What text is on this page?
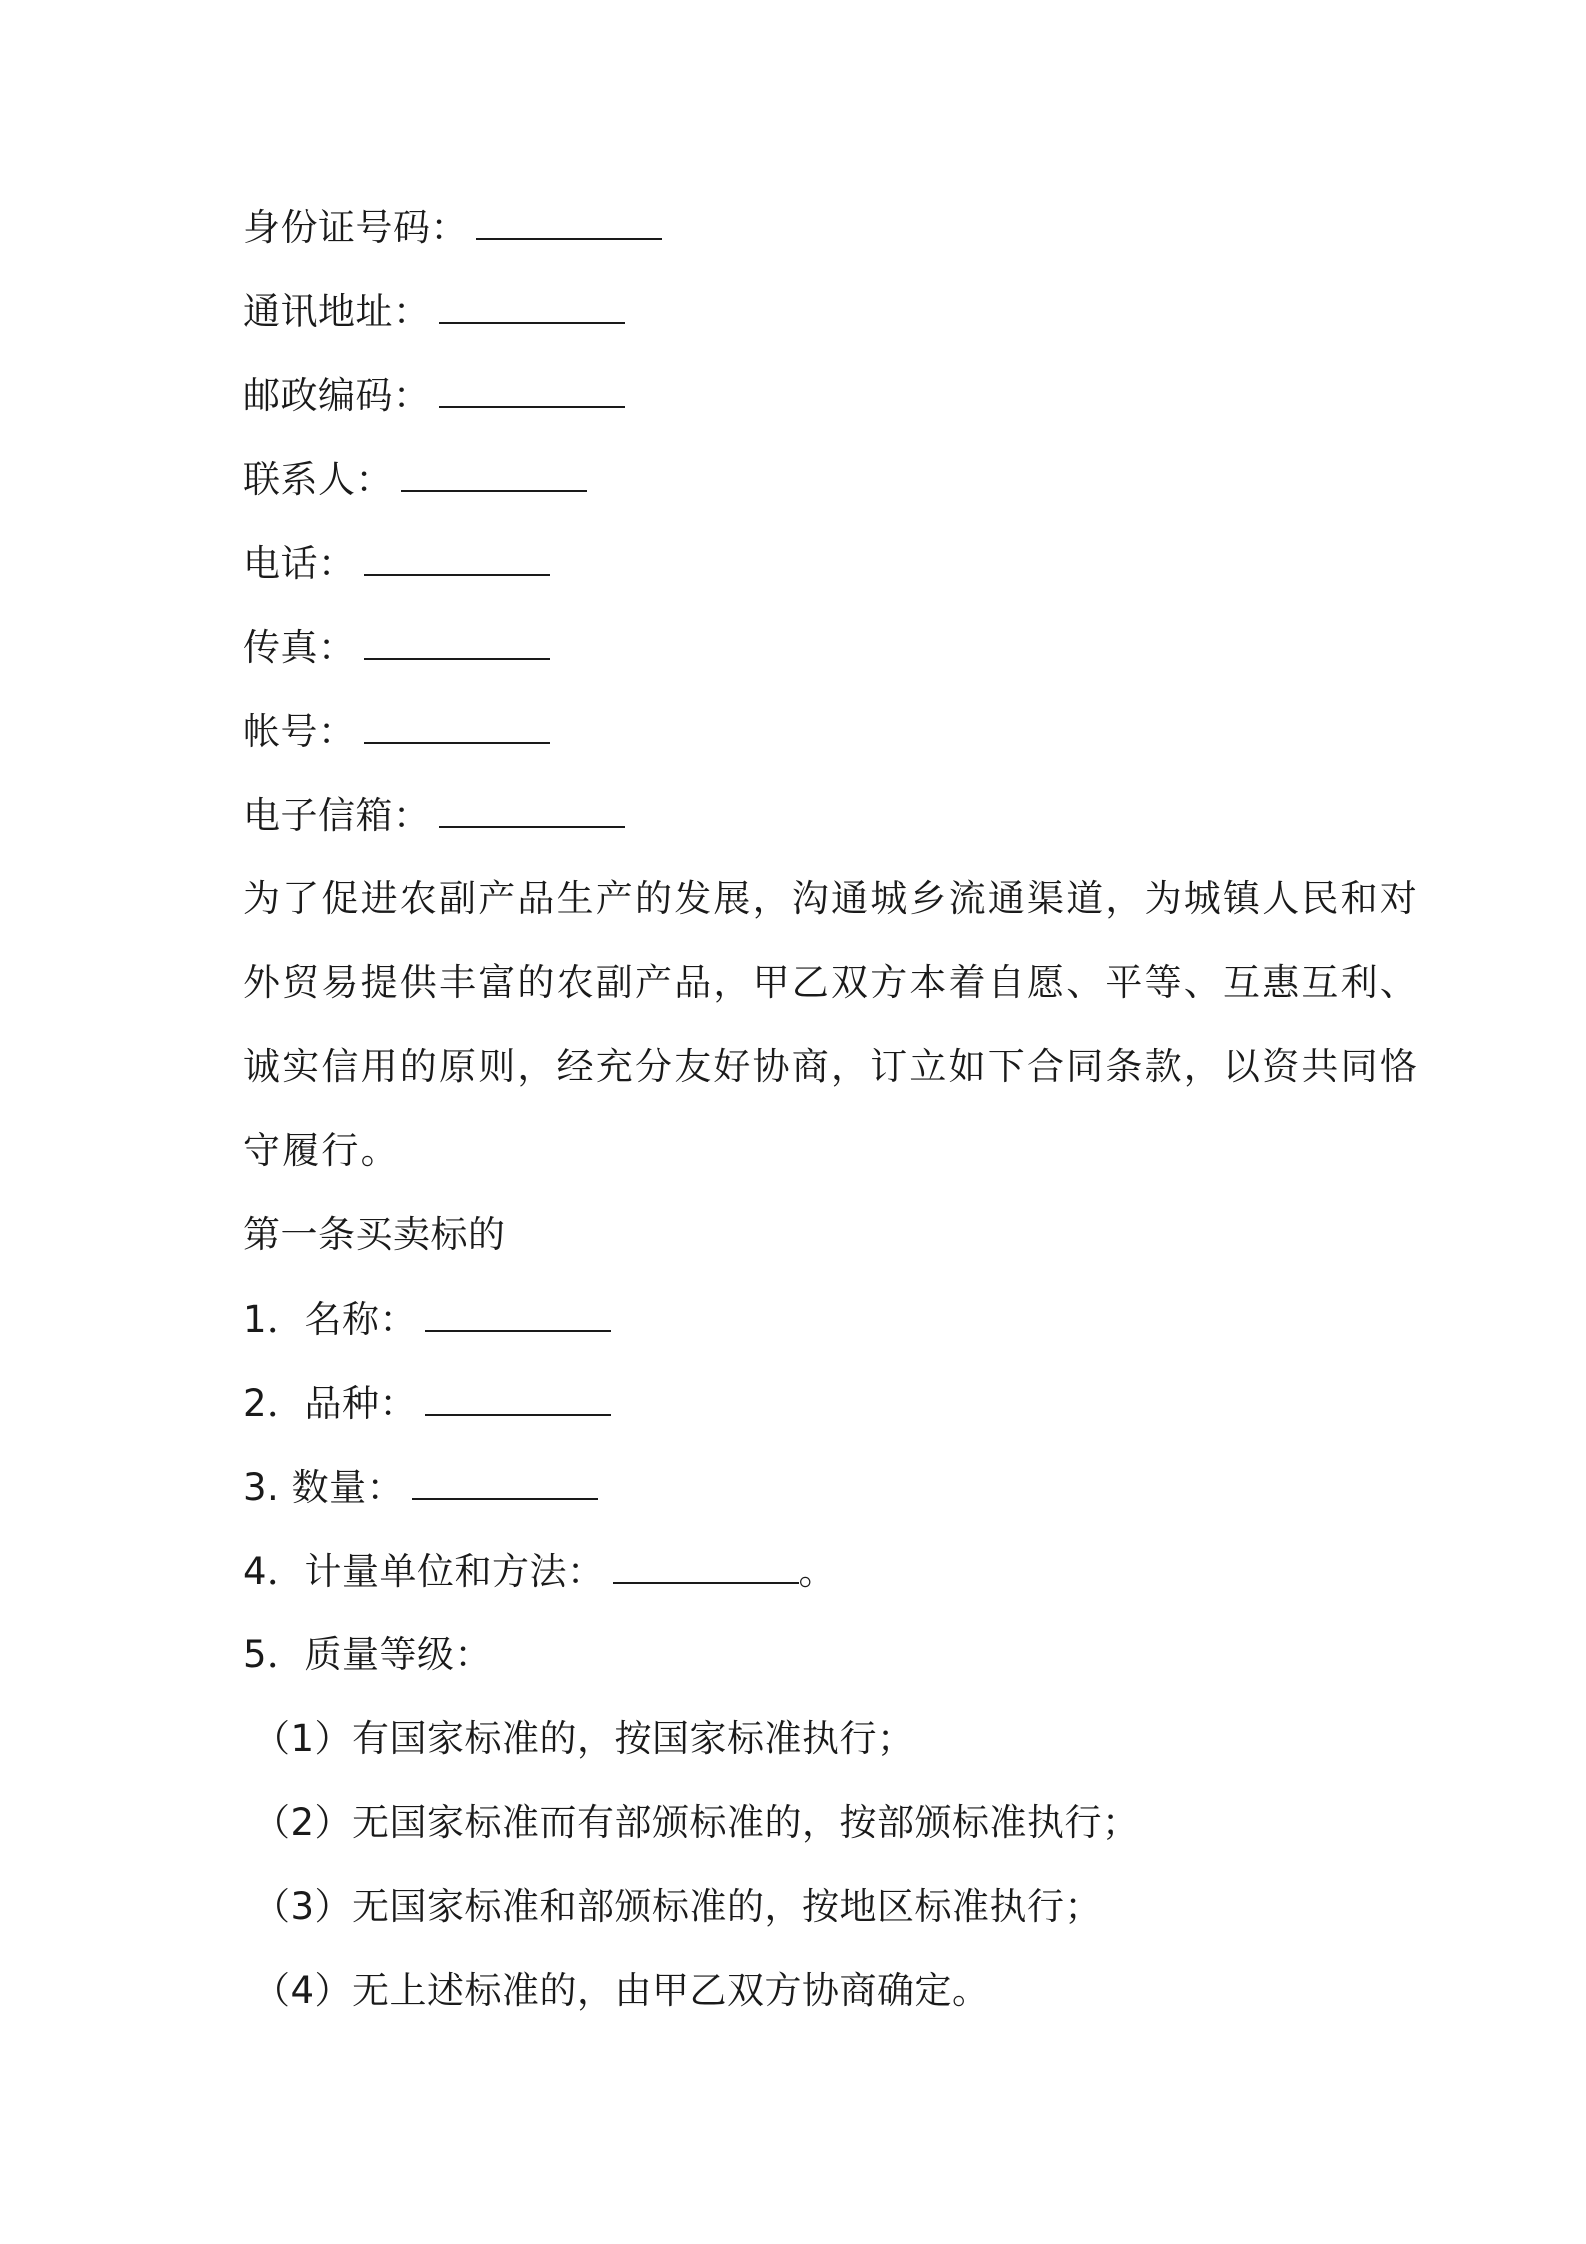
身份证号码：
通讯地址：
邮政编码：
联系人：
电话：
传真：
帐号：
电子信箱：
为了促进农副产品生产的发展，沟通城乡流通渠道，为城镇人民和对
外贸易提供丰富的农副产品，甲乙双方本着自愿、平等、互惠互利、
诚实信用的原则，经充分友好协商，订立如下合同条款，以资共同恪
守履行。
第一条买卖标的
1．名称：
2．品种：
3. 数量：
4．计量单位和方法：	。
5．质量等级：
（1）有国家标准的，按国家标准执行；
（2）无国家标准而有部颁标准的，按部颁标准执行；
（3）无国家标准和部颁标准的，按地区标准执行；
（4）无上述标准的，由甲乙双方协商确定。
